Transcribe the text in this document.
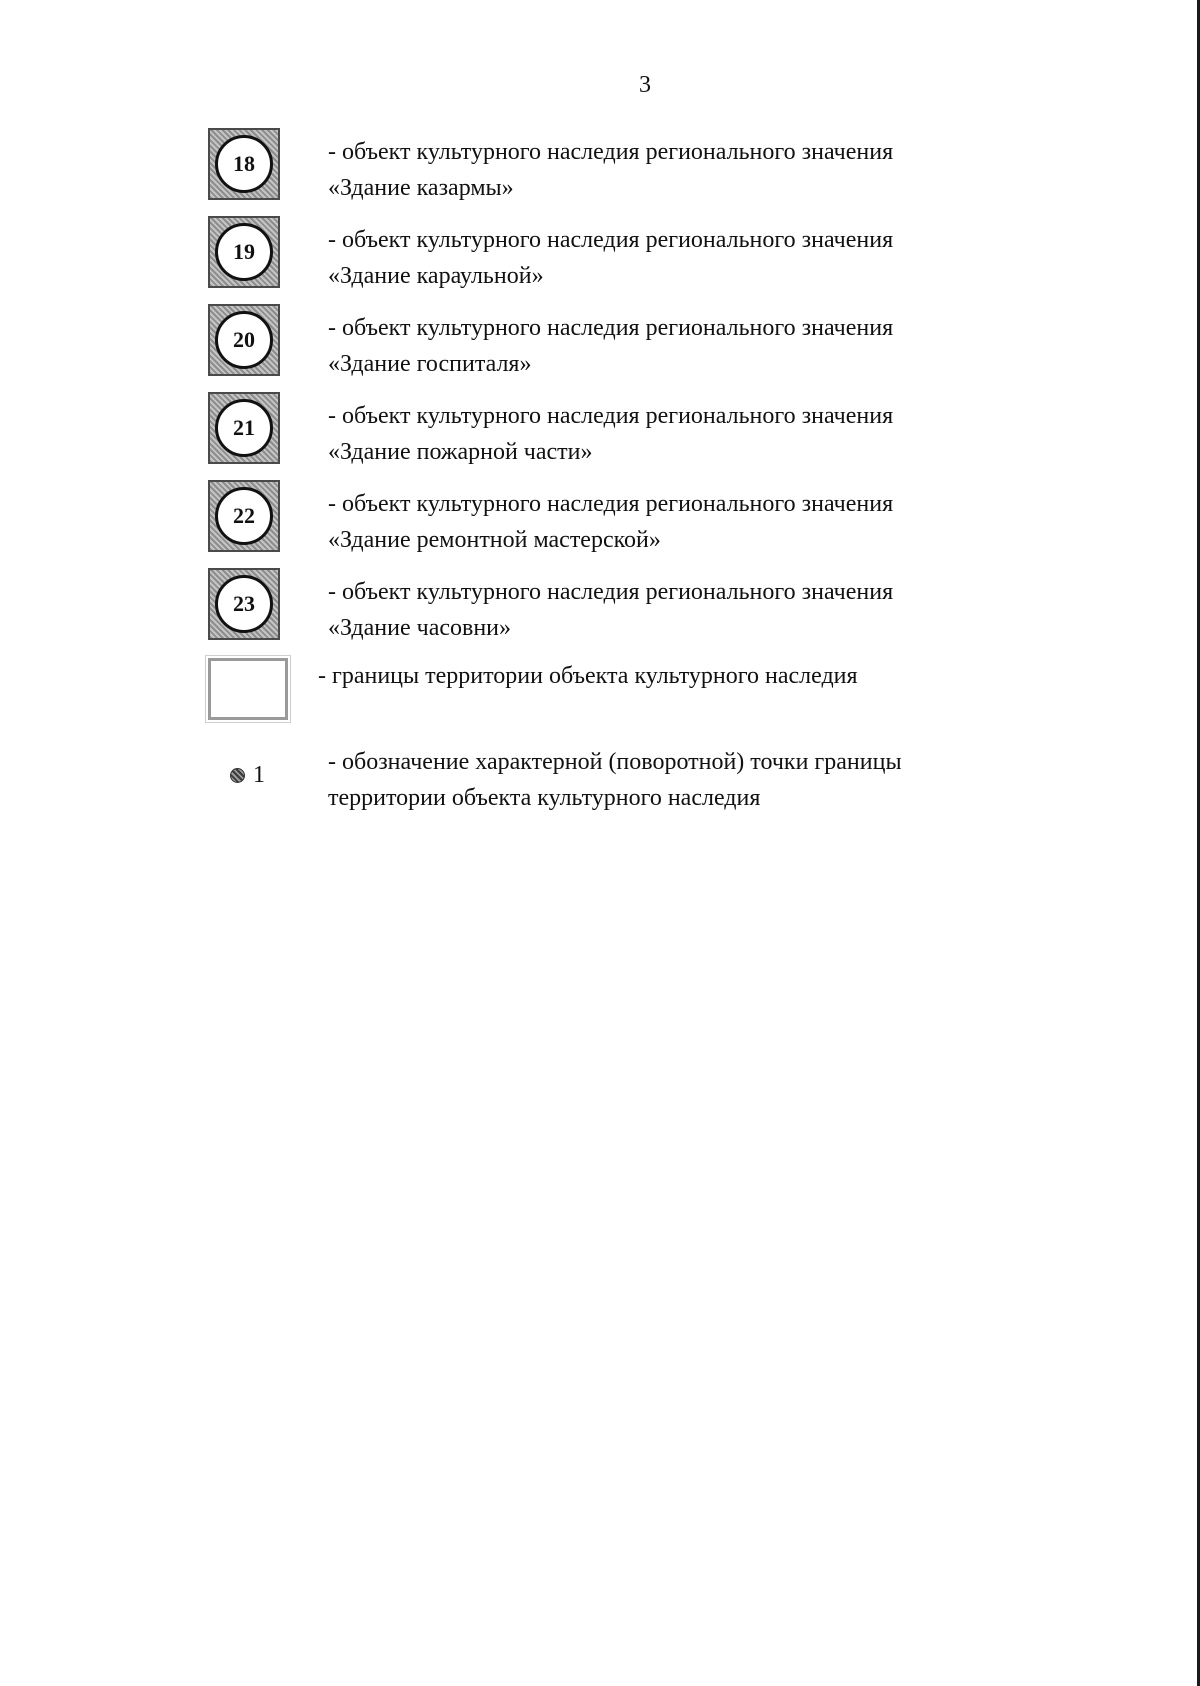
3
18	- объект культурного наследия регионального значения
«Здание казармы»
19	- объект культурного наследия регионального значения
«Здание караульной»
20	- объект культурного наследия регионального значения
«Здание госпиталя»
21	- объект культурного наследия регионального значения
«Здание пожарной части»
22	- объект культурного наследия регионального значения
«Здание ремонтной мастерской»
23	- объект культурного наследия регионального значения
«Здание часовни»
- границы территории объекта культурного наследия
1	- обозначение характерной (поворотной) точки границы
территории объекта культурного наследия
